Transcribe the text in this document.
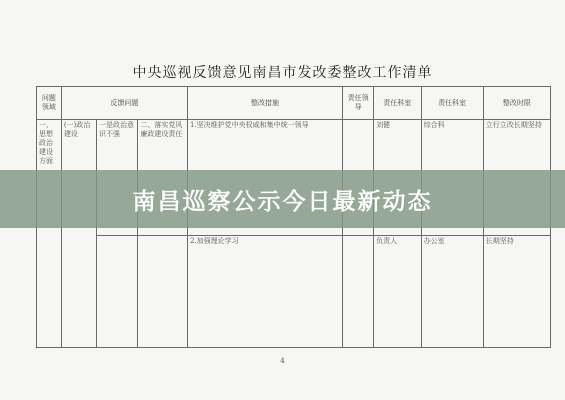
中央巡视反馈意见南昌市发改委整改工作清单
问题领域	反馈问题			整改措施	责任领导	责任科室	责任科室	整改时限
一、思想政治建设方面	(一)政治建设	一是政治意识不强	二、落实党风廉政建设责任	1.坚决维护党中央权威和集中统一领导		刘健	综合科	立行立改长期坚持
				2.加强理论学习		负责人	办公室	长期坚持
4
南昌巡察公示今日最新动态
